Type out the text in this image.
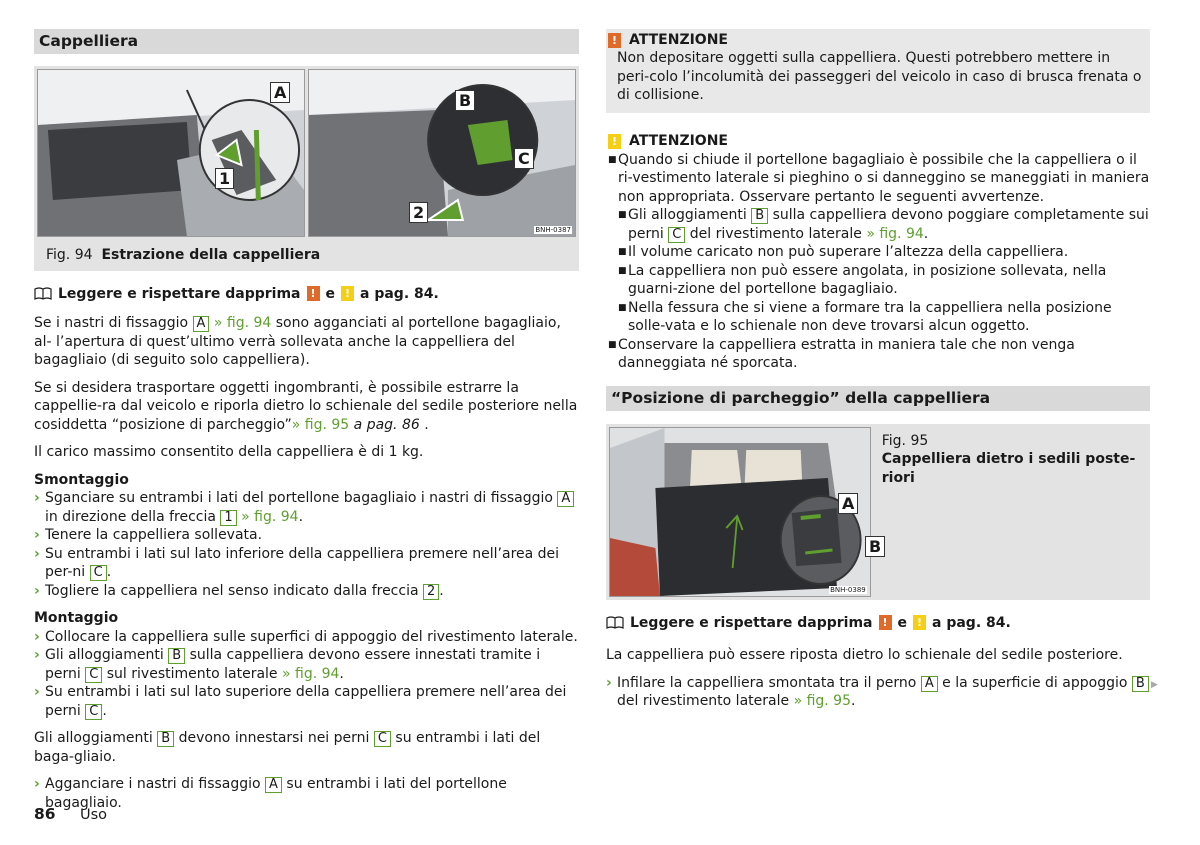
Cappelliera
A
1
B
C
2
BNH-0387
Fig. 94 Estrazione della cappelliera
Leggere e rispettare dapprima ! e ! a pag. 84.

Se i nastri di fissaggio A » fig. 94 sono agganciati al portellone bagagliaio, al- l’apertura di quest’ultimo verrà sollevata anche la cappelliera del bagagliaio (di seguito solo cappelliera).

Se si desidera trasportare oggetti ingombranti, è possibile estrarre la cappellie-ra dal veicolo e riporla dietro lo schienale del sedile posteriore nella cosiddetta “posizione di parcheggio”» fig. 95 a pag. 86 .

Il carico massimo consentito della cappelliera è di 1 kg.

Smontaggio
› Sganciare su entrambi i lati del portellone bagagliaio i nastri di fissaggio A in direzione della freccia 1 » fig. 94.
› Tenere la cappelliera sollevata.
› Su entrambi i lati sul lato inferiore della cappelliera premere nell’area dei per-ni C .
› Togliere la cappelliera nel senso indicato dalla freccia 2 .
Montaggio
› Collocare la cappelliera sulle superfici di appoggio del rivestimento laterale.
› Gli alloggiamenti B sulla cappelliera devono essere innestati tramite i perni C sul rivestimento laterale » fig. 94.
› Su entrambi i lati sul lato superiore della cappelliera premere nell’area dei perni C .

Gli alloggiamenti B devono innestarsi nei perni C su entrambi i lati del baga-gliaio.

› Agganciare i nastri di fissaggio A su entrambi i lati del portellone bagagliaio.
! ATTENZIONE
Non depositare oggetti sulla cappelliera. Questi potrebbero mettere in peri-colo l’incolumità dei passeggeri del veicolo in caso di brusca frenata o di collisione.
! ATTENZIONE
■ Quando si chiude il portellone bagagliaio è possibile che la cappelliera o il ri-vestimento laterale si pieghino o si danneggino se maneggiati in maniera non appropriata. Osservare pertanto le seguenti avvertenze.
■ Gli alloggiamenti B sulla cappelliera devono poggiare completamente sui perni C del rivestimento laterale » fig. 94.
■ Il volume caricato non può superare l’altezza della cappelliera.
■ La cappelliera non può essere angolata, in posizione sollevata, nella guarni-zione del portellone bagagliaio.
■ Nella fessura che si viene a formare tra la cappelliera nella posizione solle-vata e lo schienale non deve trovarsi alcun oggetto.
■ Conservare la cappelliera estratta in maniera tale che non venga danneggiata né sporcata.
“Posizione di parcheggio” della cappelliera
A
B
BNH-0389
Fig. 95
Cappelliera dietro i sedili poste-riori
Leggere e rispettare dapprima ! e ! a pag. 84.

La cappelliera può essere riposta dietro lo schienale del sedile posteriore.

› Infilare la cappelliera smontata tra il perno A e la superficie di appoggio B del rivestimento laterale » fig. 95.
▶
86 Uso
